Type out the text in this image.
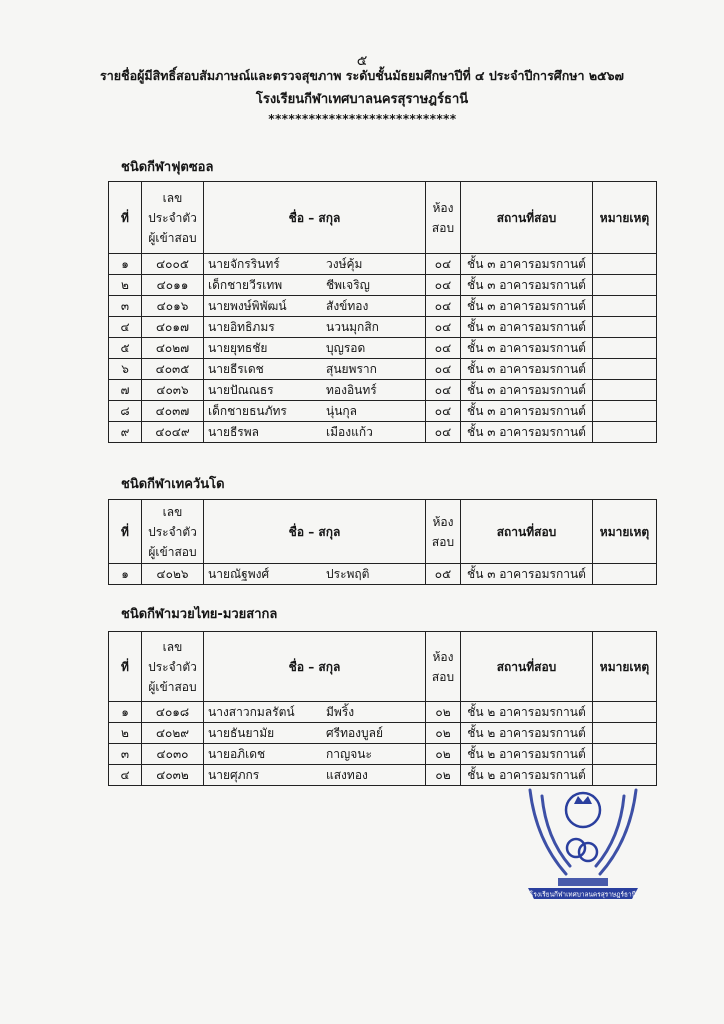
๕
รายชื่อผู้มีสิทธิ์สอบสัมภาษณ์และตรวจสุขภาพ ระดับชั้นมัธยมศึกษาปีที่ ๔ ประจำปีการศึกษา ๒๕๖๗
โรงเรียนกีฬาเทศบาลนครสุราษฎร์ธานี
****************************
ชนิดกีฬาฟุตซอล
ที่	เลข
ประจำตัว
ผู้เข้าสอบ	ชื่อ – สกุล	ห้อง
สอบ	สถานที่สอบ	หมายเหตุ
๑	๔๐๐๕	นายจักรรินทร์ วงษ์คุ้ม	๐๔	ชั้น ๓ อาคารอมรกานต์	
๒	๔๐๑๑	เด็กชายวีรเทพ ชีพเจริญ	๐๔	ชั้น ๓ อาคารอมรกานต์	
๓	๔๐๑๖	นายพงษ์พิพัฒน์ สังข์ทอง	๐๔	ชั้น ๓ อาคารอมรกานต์	
๔	๔๐๑๗	นายอิทธิภมร นวนมุกสิก	๐๔	ชั้น ๓ อาคารอมรกานต์	
๕	๔๐๒๗	นายยุทธชัย บุญรอด	๐๔	ชั้น ๓ อาคารอมรกานต์	
๖	๔๐๓๕	นายธีรเดช สุนยพราก	๐๔	ชั้น ๓ อาคารอมรกานต์	
๗	๔๐๓๖	นายปัณณธร ทองอินทร์	๐๔	ชั้น ๓ อาคารอมรกานต์	
๘	๔๐๓๗	เด็กชายธนภัทร นุ่นกุล	๐๔	ชั้น ๓ อาคารอมรกานต์	
๙	๔๐๔๙	นายธีรพล เมืองแก้ว	๐๔	ชั้น ๓ อาคารอมรกานต์	
ชนิดกีฬาเทควันโด
ที่	เลข
ประจำตัว
ผู้เข้าสอบ	ชื่อ – สกุล	ห้อง
สอบ	สถานที่สอบ	หมายเหตุ
๑	๔๐๒๖	นายณัฐพงศ์ ประพฤติ	๐๕	ชั้น ๓ อาคารอมรกานต์	
ชนิดกีฬามวยไทย-มวยสากล
ที่	เลข
ประจำตัว
ผู้เข้าสอบ	ชื่อ – สกุล	ห้อง
สอบ	สถานที่สอบ	หมายเหตุ
๑	๔๐๑๘	นางสาวกมลรัตน์ มีพริ้ง	๐๒	ชั้น ๒ อาคารอมรกานต์	
๒	๔๐๒๙	นายธันยามัย ศรีทองบูลย์	๐๒	ชั้น ๒ อาคารอมรกานต์	
๓	๔๐๓๐	นายอภิเดช กาญจนะ	๐๒	ชั้น ๒ อาคารอมรกานต์	
๔	๔๐๓๒	นายศุภกร แสงทอง	๐๒	ชั้น ๒ อาคารอมรกานต์	
โรงเรียนกีฬาเทศบาลนครสุราษฎร์ธานี
